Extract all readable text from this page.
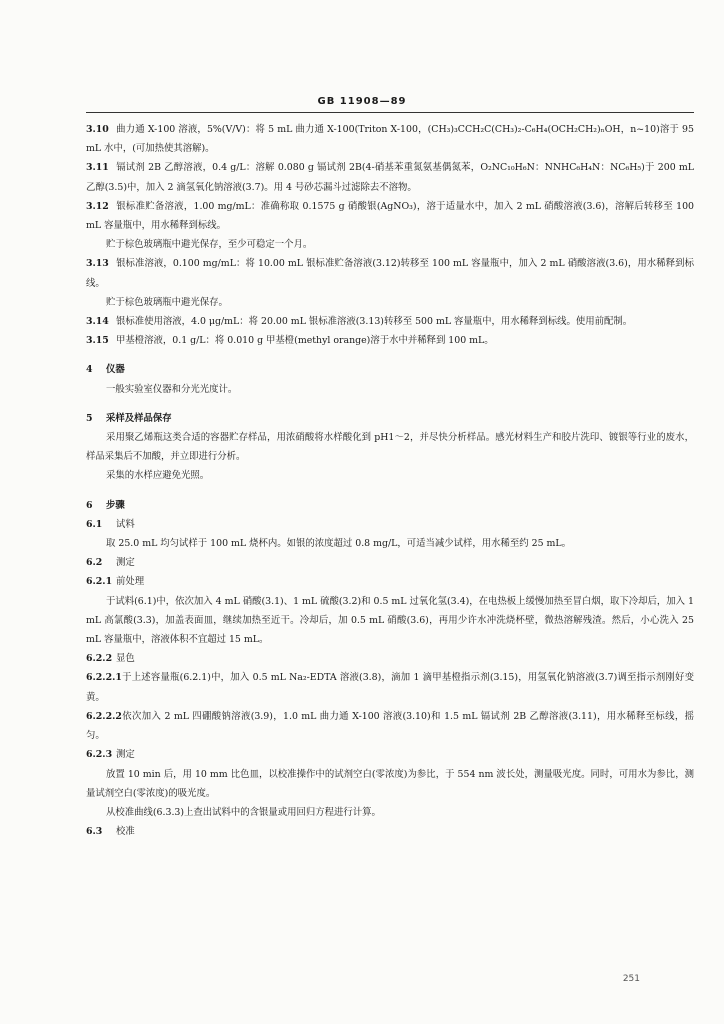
GB 11908—89
3.10 曲力通 X-100 溶液，5%(V/V)：将 5 mL 曲力通 X-100(Triton X-100，(CH₃)₃CCH₂C(CH₃)₂-C₆H₄(OCH₂CH₂)ₙOH，n~10)溶于 95 mL 水中，(可加热使其溶解)。
3.11 镉试剂 2B 乙醇溶液，0.4 g/L：溶解 0.080 g 镉试剂 2B(4-硝基苯重氮氨基偶氮苯，O₂NC₁₀H₆N：NNHC₆H₄N：NC₆H₅)于 200 mL 乙醇(3.5)中，加入 2 滴氢氧化钠溶液(3.7)。用 4 号砂芯漏斗过滤除去不溶物。
3.12 银标准贮备溶液，1.00 mg/mL：准确称取 0.1575 g 硝酸银(AgNO₃)，溶于适量水中，加入 2 mL 硝酸溶液(3.6)，溶解后转移至 100 mL 容量瓶中，用水稀释到标线。
贮于棕色玻璃瓶中避光保存，至少可稳定一个月。
3.13 银标准溶液，0.100 mg/mL：将 10.00 mL 银标准贮备溶液(3.12)转移至 100 mL 容量瓶中，加入 2 mL 硝酸溶液(3.6)，用水稀释到标线。
贮于棕色玻璃瓶中避光保存。
3.14 银标准使用溶液，4.0 μg/mL：将 20.00 mL 银标准溶液(3.13)转移至 500 mL 容量瓶中，用水稀释到标线。使用前配制。
3.15 甲基橙溶液，0.1 g/L：将 0.010 g 甲基橙(methyl orange)溶于水中并稀释到 100 mL。
4 仪器
一般实验室仪器和分光光度计。
5 采样及样品保存
采用聚乙烯瓶这类合适的容器贮存样品，用浓硝酸将水样酸化到 pH1～2，并尽快分析样品。感光材料生产和胶片洗印、镀银等行业的废水，样品采集后不加酸，并立即进行分析。
采集的水样应避免光照。
6 步骤
6.1 试料
取 25.0 mL 均匀试样于 100 mL 烧杯内。如银的浓度超过 0.8 mg/L，可适当减少试样，用水稀至约 25 mL。
6.2 测定
6.2.1 前处理
于试料(6.1)中，依次加入 4 mL 硝酸(3.1)、1 mL 硫酸(3.2)和 0.5 mL 过氧化氢(3.4)，在电热板上缓慢加热至冒白烟，取下冷却后，加入 1 mL 高氯酸(3.3)，加盖表面皿，继续加热至近干。冷却后，加 0.5 mL 硝酸(3.6)，再用少许水冲洗烧杯壁，微热溶解残渣。然后，小心洗入 25 mL 容量瓶中，溶液体积不宜超过 15 mL。
6.2.2 显色
6.2.2.1于上述容量瓶(6.2.1)中，加入 0.5 mL Na₂-EDTA 溶液(3.8)，滴加 1 滴甲基橙指示剂(3.15)，用氢氧化钠溶液(3.7)调至指示剂刚好变黄。
6.2.2.2依次加入 2 mL 四硼酸钠溶液(3.9)，1.0 mL 曲力通 X-100 溶液(3.10)和 1.5 mL 镉试剂 2B 乙醇溶液(3.11)，用水稀释至标线，摇匀。
6.2.3 测定
放置 10 min 后，用 10 mm 比色皿，以校准操作中的试剂空白(零浓度)为参比，于 554 nm 波长处，测量吸光度。同时，可用水为参比，测量试剂空白(零浓度)的吸光度。
从校准曲线(6.3.3)上查出试料中的含银量或用回归方程进行计算。
6.3 校准
251
